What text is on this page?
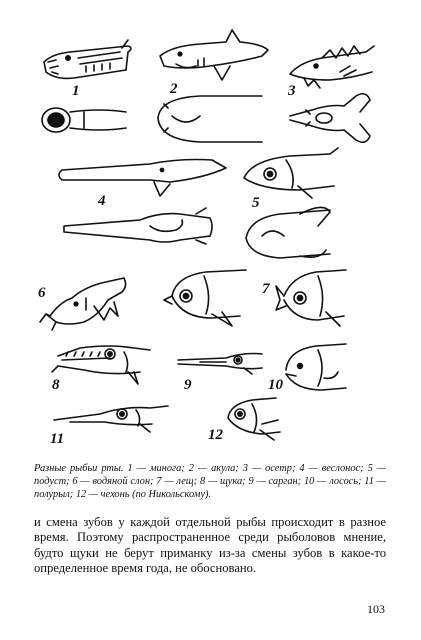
1	2	3
4	5
6	7
8	9	10
11	12
Разные рыбьи рты. 1 — минога; 2 — акула; 3 — осетр; 4 — веслонос; 5 — подуст; 6 — водяной слон; 7 — лещ; 8 — щука; 9 — сарган; 10 — лосось; 11 — полурыл; 12 — чехонь (по Никольскому).
и смена зубов у каждой отдельной рыбы происходит в разное время. Поэтому распространенное среди рыболовов мнение, будто щуки не берут приманку из-за смены зубов в какое-то определенное время года, не обосновано.
103
